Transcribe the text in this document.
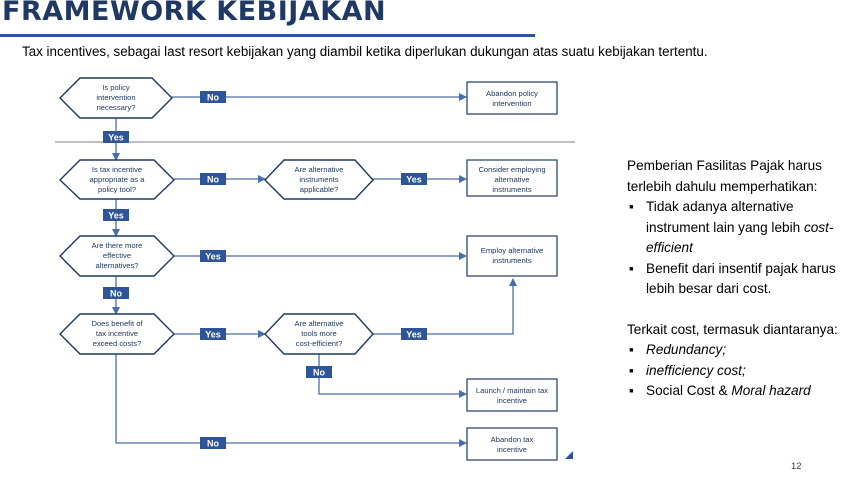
FRAMEWORK KEBIJAKAN
Tax incentives, sebagai last resort kebijakan yang diambil ketika diperlukan dukungan atas suatu kebijakan tertentu.
No
Yes
No	Yes
Yes
Yes
No
Yes	Yes
No
No
Is policy
intervention
necessary?
Is tax incentive
appropriate as a
policy tool?
Are alternative
instruments
applicable?
Are there more
effective
alternatives?
Does benefit of
tax incentive
exceed costs?
Are alternative
tools more
cost-efficient?
Abandon policy
intervention
Consider employing
alternative
instruments
Employ alternative
instruments
Launch / maintain tax
incentive
Abandon tax
incentive
Pemberian Fasilitas Pajak harus terlebih dahulu memperhatikan:
▪ Tidak adanya alternative instrument lain yang lebih cost-efficient
▪ Benefit dari insentif pajak harus lebih besar dari cost.
Terkait cost, termasuk diantaranya:
▪ Redundancy;
▪ inefficiency cost;
▪ Social Cost & Moral hazard
12
